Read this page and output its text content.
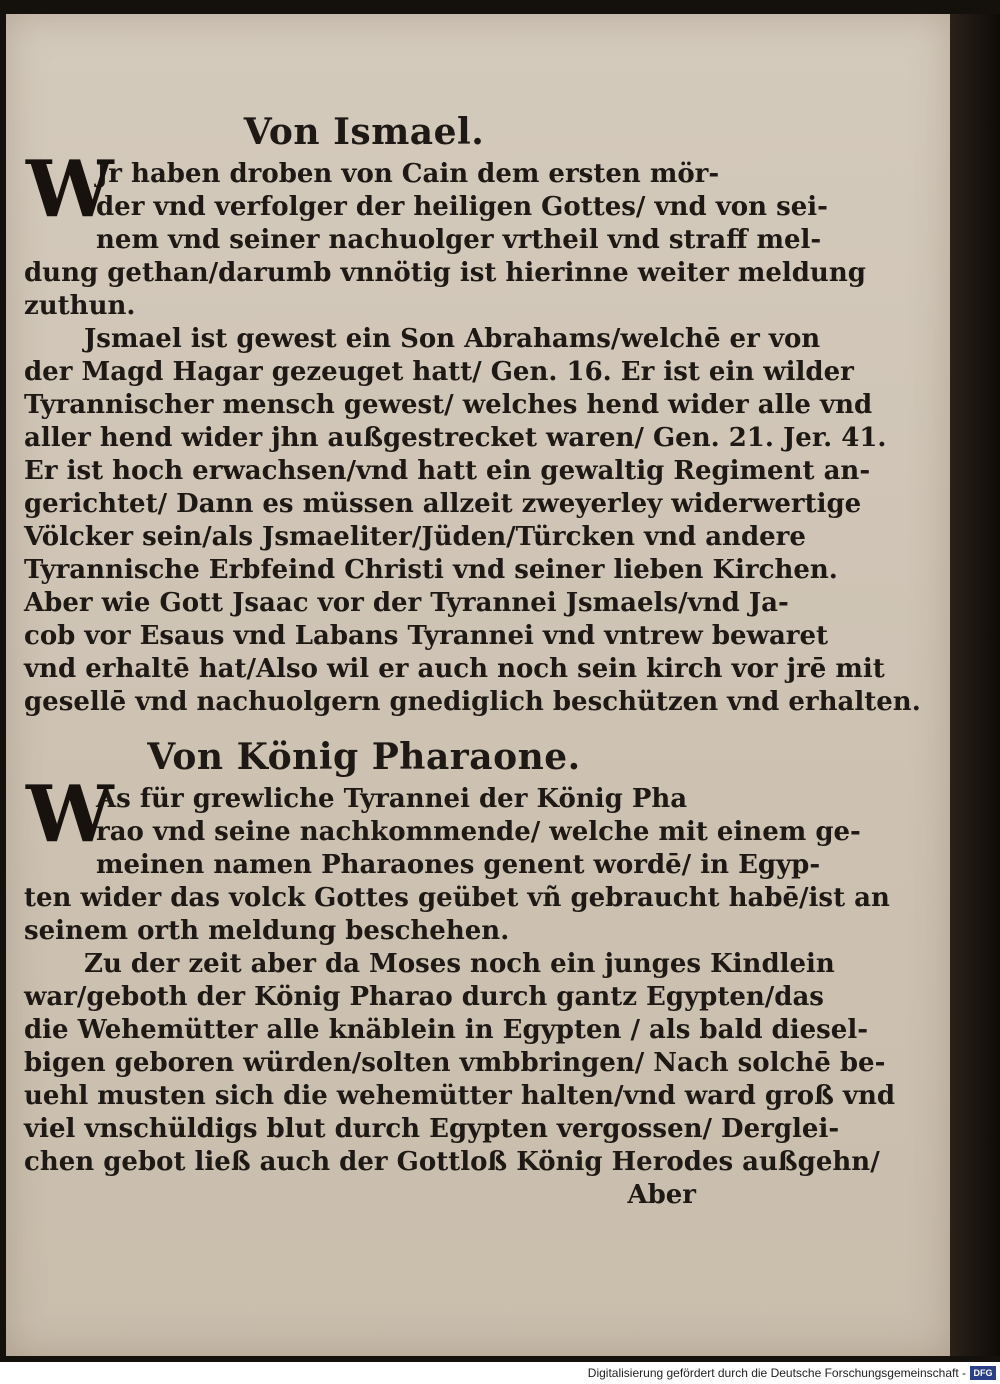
Von Ismael.
W

Jr haben droben von Cain dem ersten mör-
der vnd verfolger der heiligen Gottes/ vnd von sei-
nem vnd seiner nachuolger vrtheil vnd straff mel-
dung gethan/darumb vnnötig ist hierinne weiter meldung
zuthun.

Jsmael ist gewest ein Son Abrahams/welchē er von
der Magd Hagar gezeuget hatt/ Gen. 16. Er ist ein wilder
Tyrannischer mensch gewest/ welches hend wider alle vnd
aller hend wider jhn außgestrecket waren/ Gen. 21. Jer. 41.
Er ist hoch erwachsen/vnd hatt ein gewaltig Regiment an-
gerichtet/ Dann es müssen allzeit zweyerley widerwertige
Völcker sein/als Jsmaeliter/Jüden/Türcken vnd andere
Tyrannische Erbfeind Christi vnd seiner lieben Kirchen.
Aber wie Gott Jsaac vor der Tyrannei Jsmaels/vnd Ja-
cob vor Esaus vnd Labans Tyrannei vnd vntrew bewaret
vnd erhaltē hat/Also wil er auch noch sein kirch vor jrē mit
gesellē vnd nachuolgern gnediglich beschützen vnd erhalten.

Von König Pharaone.
W

As für grewliche Tyrannei der König Pha
rao vnd seine nachkommende/ welche mit einem ge-
meinen namen Pharaones genent wordē/ in Egyp-
ten wider das volck Gottes geübet vñ gebraucht habē/ist an
seinem orth meldung beschehen.

Zu der zeit aber da Moses noch ein junges Kindlein
war/geboth der König Pharao durch gantz Egypten/das
die Wehemütter alle knäblein in Egypten / als bald diesel-
bigen geboren würden/solten vmbbringen/ Nach solchē be-
uehl musten sich die wehemütter halten/vnd ward groß vnd
viel vnschüldigs blut durch Egypten vergossen/ Derglei-
chen gebot ließ auch der Gottloß König Herodes außgehn/
Aber

Digitalisierung gefördert durch die Deutsche Forschungsgemeinschaft - DFG
